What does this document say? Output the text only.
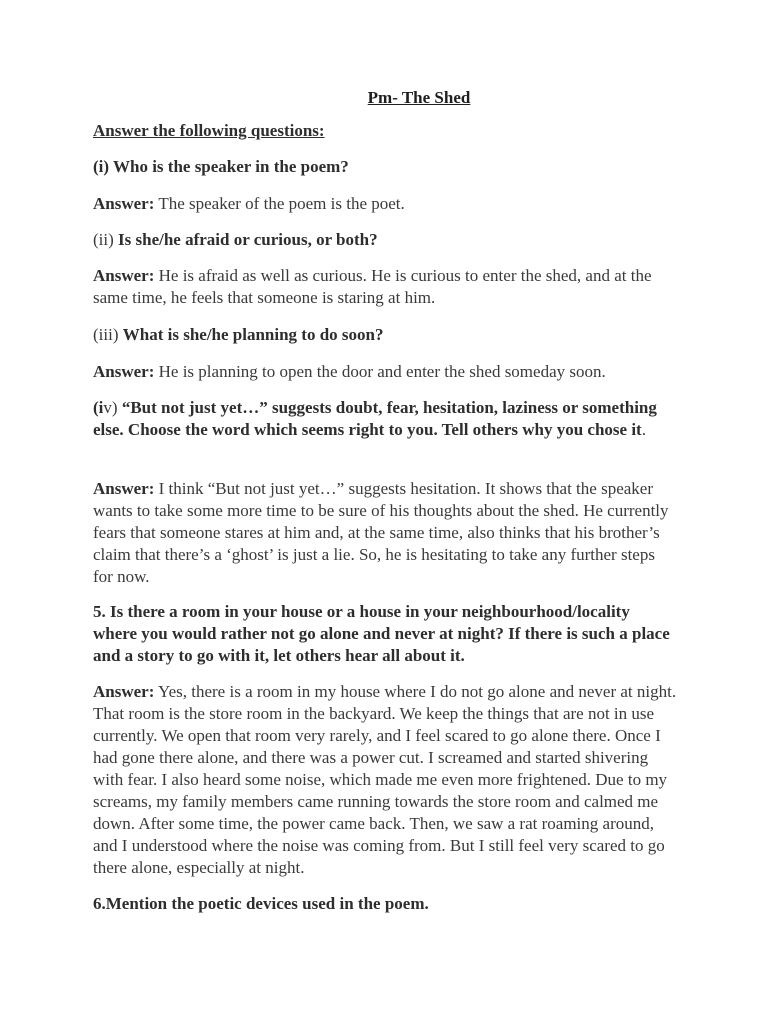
Pm- The Shed

Answer the following questions:

(i) Who is the speaker in the poem?

Answer: The speaker of the poem is the poet.

(ii) Is she/he afraid or curious, or both?

Answer: He is afraid as well as curious. He is curious to enter the shed, and at the same time, he feels that someone is staring at him.

(iii) What is she/he planning to do soon?

Answer: He is planning to open the door and enter the shed someday soon.

(iv) “But not just yet…” suggests doubt, fear, hesitation, laziness or something else. Choose the word which seems right to you. Tell others why you chose it.

Answer: I think “But not just yet…” suggests hesitation. It shows that the speaker wants to take some more time to be sure of his thoughts about the shed. He currently fears that someone stares at him and, at the same time, also thinks that his brother’s claim that there’s a ‘ghost’ is just a lie. So, he is hesitating to take any further steps for now.

5. Is there a room in your house or a house in your neighbourhood/locality where you would rather not go alone and never at night? If there is such a place and a story to go with it, let others hear all about it.

Answer: Yes, there is a room in my house where I do not go alone and never at night. That room is the store room in the backyard. We keep the things that are not in use currently. We open that room very rarely, and I feel scared to go alone there. Once I had gone there alone, and there was a power cut. I screamed and started shivering with fear. I also heard some noise, which made me even more frightened. Due to my screams, my family members came running towards the store room and calmed me down. After some time, the power came back. Then, we saw a rat roaming around, and I understood where the noise was coming from. But I still feel very scared to go there alone, especially at night.

6.Mention the poetic devices used in the poem.
